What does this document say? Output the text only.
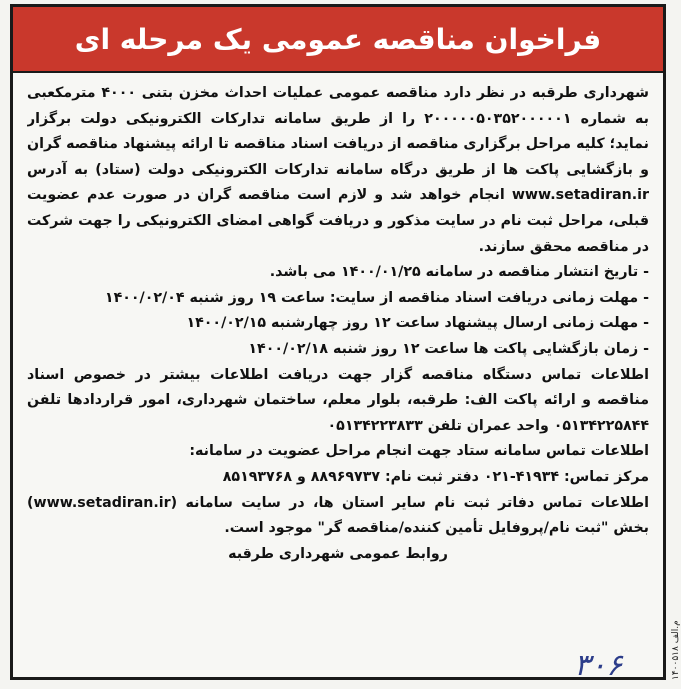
فراخوان مناقصه عمومی یک مرحله ای

شهرداری طرقبه در نظر دارد مناقصه عمومی عملیات احداث مخزن بتنی ۴۰۰۰ مترمکعبی به شماره ۲۰۰۰۰۰۵۰۳۵۲۰۰۰۰۰۱ را از طریق سامانه تدارکات الکترونیکی دولت برگزار نماید؛ کلیه مراحل برگزاری مناقصه از دریافت اسناد مناقصه تا ارائه پیشنهاد مناقصه گران و بازگشایی پاکت ها از طریق درگاه سامانه تدارکات الکترونیکی دولت (ستاد) به آدرس www.setadiran.ir انجام خواهد شد و لازم است مناقصه گران در صورت عدم عضویت قبلی، مراحل ثبت نام در سایت مذکور و دریافت گواهی امضای الکترونیکی را جهت شرکت در مناقصه محقق سازند.

- تاریخ انتشار مناقصه در سامانه ۱۴۰۰/۰۱/۲۵ می باشد.

- مهلت زمانی دریافت اسناد مناقصه از سایت: ساعت ۱۹ روز شنبه ۱۴۰۰/۰۲/۰۴

- مهلت زمانی ارسال پیشنهاد ساعت ۱۲ روز چهارشنبه ۱۴۰۰/۰۲/۱۵

- زمان بازگشایی پاکت ها ساعت ۱۲ روز شنبه ۱۴۰۰/۰۲/۱۸

اطلاعات تماس دستگاه مناقصه گزار جهت دریافت اطلاعات بیشتر در خصوص اسناد مناقصه و ارائه پاکت الف: طرقبه، بلوار معلم، ساختمان شهرداری، امور قراردادها تلفن ۰۵۱۳۴۲۲۵۸۴۴ واحد عمران تلفن ۰۵۱۳۴۲۲۳۸۳۳

اطلاعات تماس سامانه ستاد جهت انجام مراحل عضویت در سامانه:

مرکز تماس: ۴۱۹۳۴-۰۲۱ دفتر ثبت نام: ۸۸۹۶۹۷۳۷ و ۸۵۱۹۳۷۶۸

اطلاعات تماس دفاتر ثبت نام سایر استان ها، در سایت سامانه (www.setadiran.ir) بخش "ثبت نام/پروفایل تأمین کننده/مناقصه گر" موجود است.

روابط عمومی شهرداری طرقبه

۱۴۰۰۵۱۸ م.الف
۳۰۶
